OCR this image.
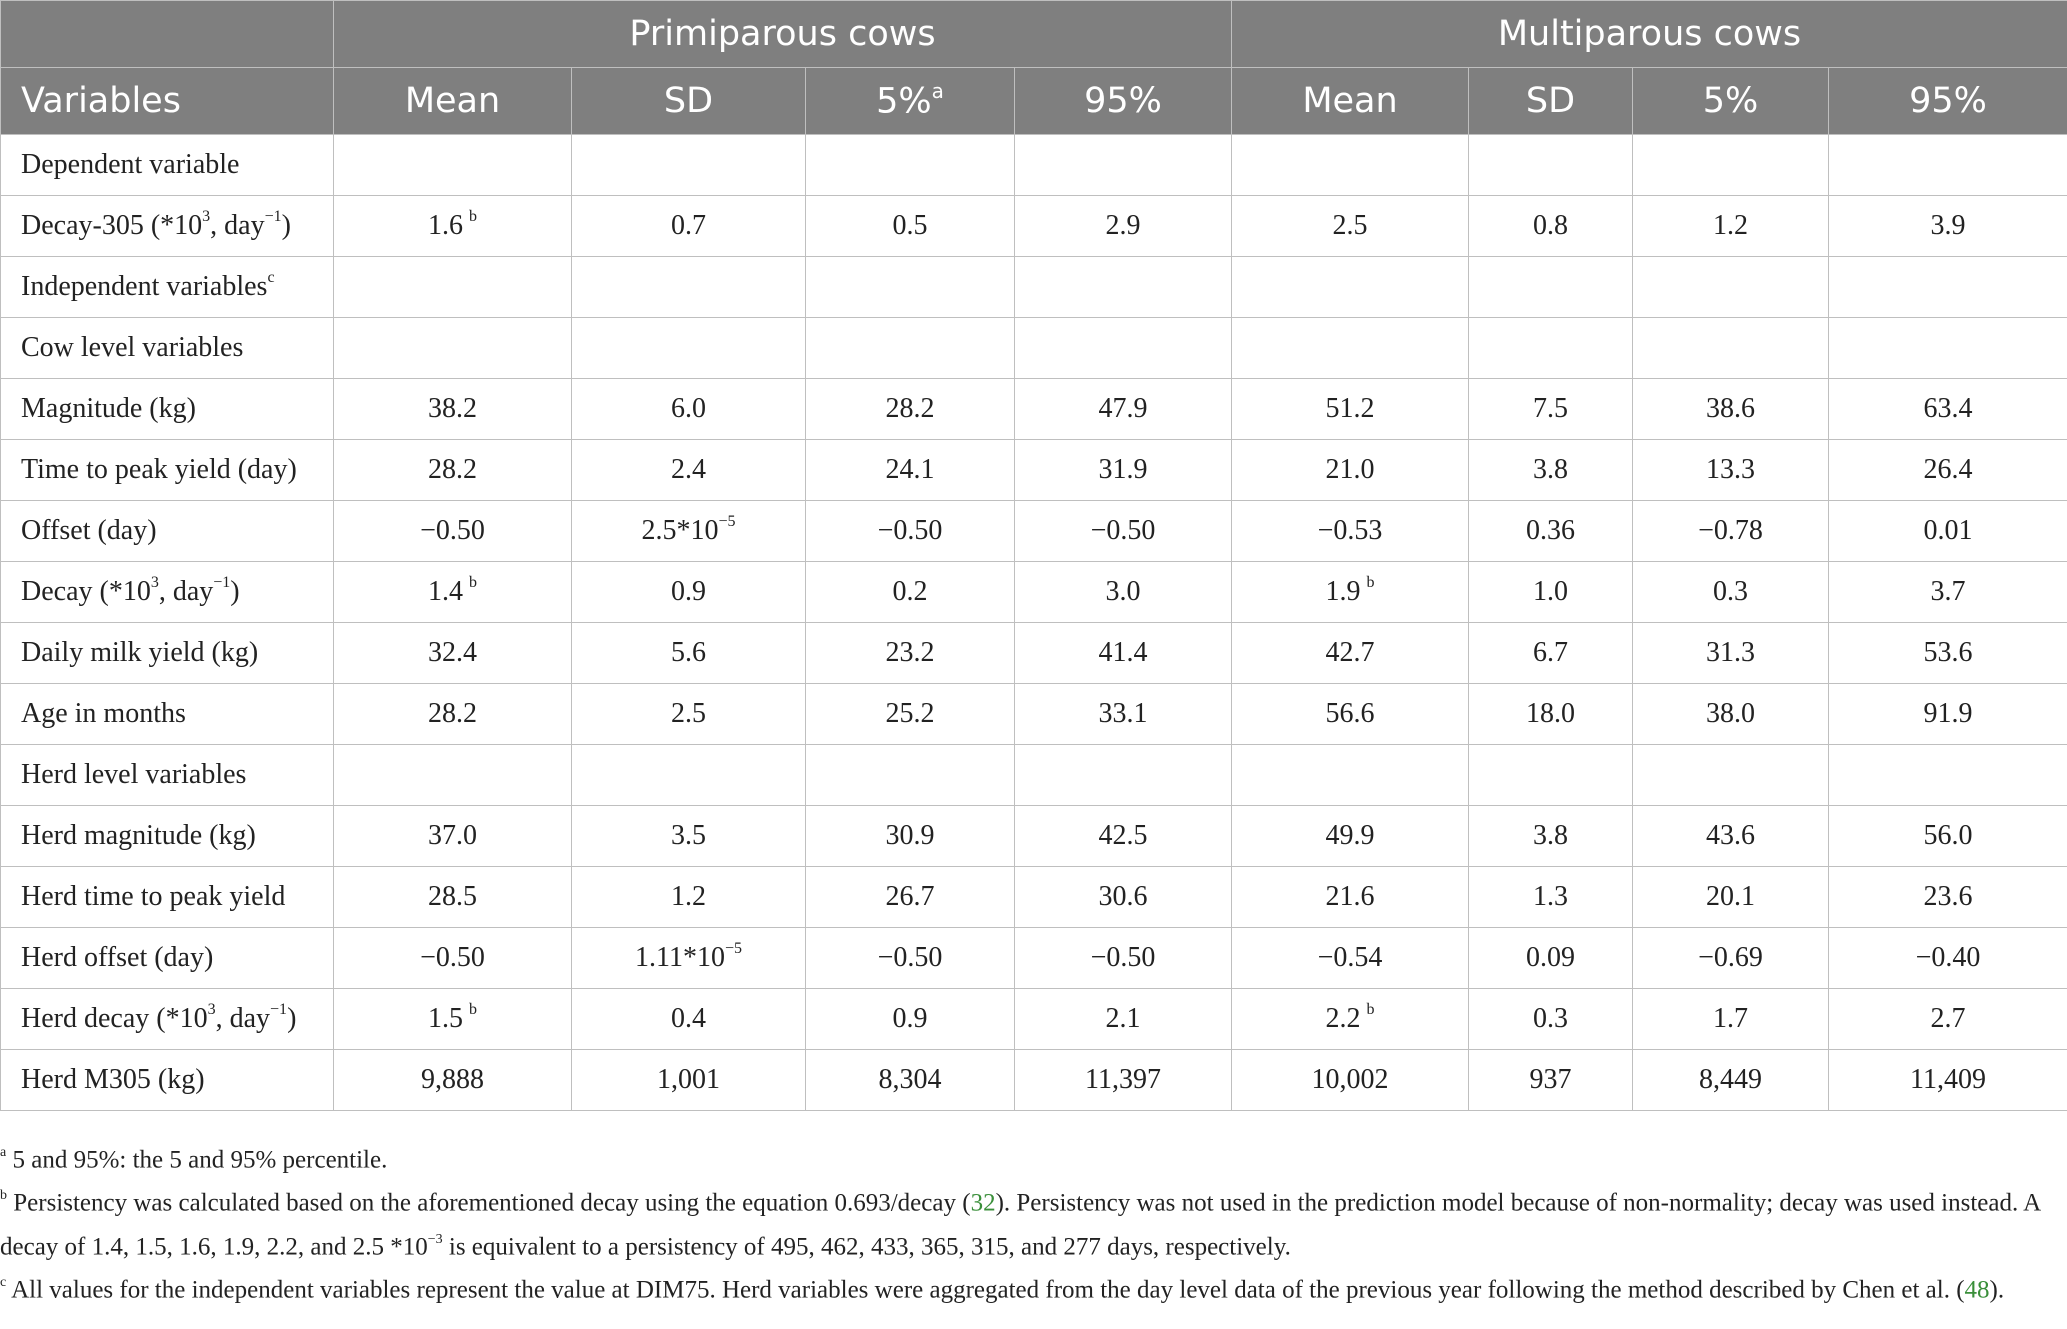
	Primiparous cows				Multiparous cows			
Variables	Mean	SD	5%$^a$	95%	Mean	SD	5%	95%
Dependent variable								
Decay-305 ($*10^3$, day$^{-1}$)	1.6 $^b$	0.7	0.5	2.9	2.5	0.8	1.2	3.9
Independent variables$^c$								
Cow level variables								
Magnitude (kg)	38.2	6.0	28.2	47.9	51.2	7.5	38.6	63.4
Time to peak yield (day)	28.2	2.4	24.1	31.9	21.0	3.8	13.3	26.4
Offset (day)	−0.50	$2.5*10^{-5}$	−0.50	−0.50	−0.53	0.36	−0.78	0.01
Decay ($*10^3$, day$^{-1}$)	1.4 $^b$	0.9	0.2	3.0	1.9 $^b$	1.0	0.3	3.7
Daily milk yield (kg)	32.4	5.6	23.2	41.4	42.7	6.7	31.3	53.6
Age in months	28.2	2.5	25.2	33.1	56.6	18.0	38.0	91.9
Herd level variables								
Herd magnitude (kg)	37.0	3.5	30.9	42.5	49.9	3.8	43.6	56.0
Herd time to peak yield	28.5	1.2	26.7	30.6	21.6	1.3	20.1	23.6
Herd offset (day)	−0.50	$1.11*10^{-5}$	−0.50	−0.50	−0.54	0.09	−0.69	−0.40
Herd decay ($*10^3$, day$^{-1}$)	1.5 $^b$	0.4	0.9	2.1	2.2 $^b$	0.3	1.7	2.7
Herd M305 (kg)	9,888	1,001	8,304	11,397	10,002	937	8,449	11,409

$^a$ 5 and 95%: the 5 and 95% percentile.

$^b$ Persistency was calculated based on the aforementioned decay using the equation 0.693/decay (32). Persistency was not used in the prediction model because of non-normality; decay was used instead. A decay of 1.4, 1.5, 1.6, 1.9, 2.2, and 2.5 $*10^{-3}$ is equivalent to a persistency of 495, 462, 433, 365, 315, and 277 days, respectively.

$^c$ All values for the independent variables represent the value at DIM75. Herd variables were aggregated from the day level data of the previous year following the method described by Chen et al. (48).
